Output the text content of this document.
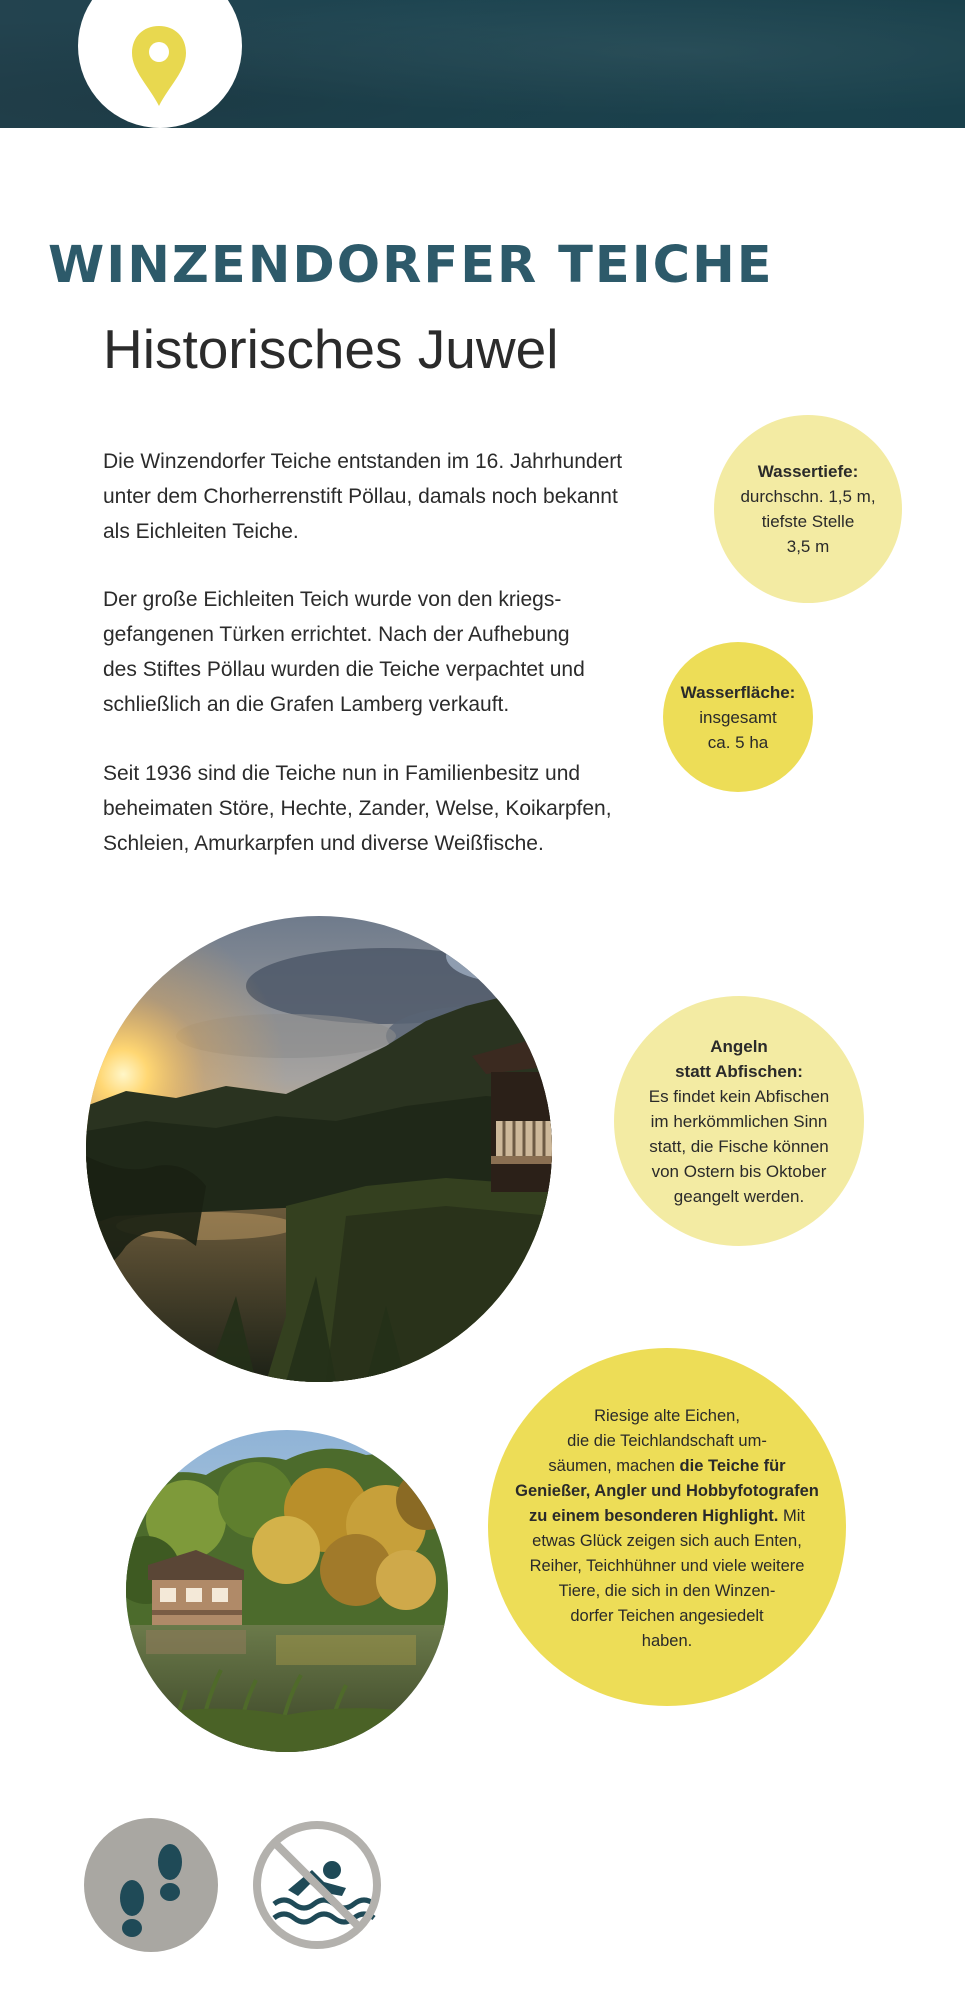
WINZENDORFER TEICHE
Historisches Juwel

Die Winzendorfer Teiche entstanden im 16. Jahrhundert
unter dem Chorherrenstift Pöllau, damals noch bekannt
als Eichleiten Teiche.

Der große Eichleiten Teich wurde von den kriegs-
gefangenen Türken errichtet. Nach der Aufhebung
des Stiftes Pöllau wurden die Teiche verpachtet und
schließlich an die Grafen Lamberg verkauft.

Seit 1936 sind die Teiche nun in Familienbesitz und
beheimaten Störe, Hechte, Zander, Welse, Koikarpfen,
Schleien, Amurkarpfen und diverse Weißfische.

Wassertiefe:
durchschn. 1,5 m,
tiefste Stelle
3,5 m
Wasserfläche:
insgesamt
ca. 5 ha
Angeln
statt Abfischen:
Es findet kein Abfischen
im herkömmlichen Sinn
statt, die Fische können
von Ostern bis Oktober
geangelt werden.
Riesige alte Eichen,
die die Teichlandschaft um-
säumen, machen die Teiche für
Genießer, Angler und Hobbyfotografen
zu einem besonderen Highlight. Mit
etwas Glück zeigen sich auch Enten,
Reiher, Teichhühner und viele weitere
Tiere, die sich in den Winzen-
dorfer Teichen angesiedelt
haben.
